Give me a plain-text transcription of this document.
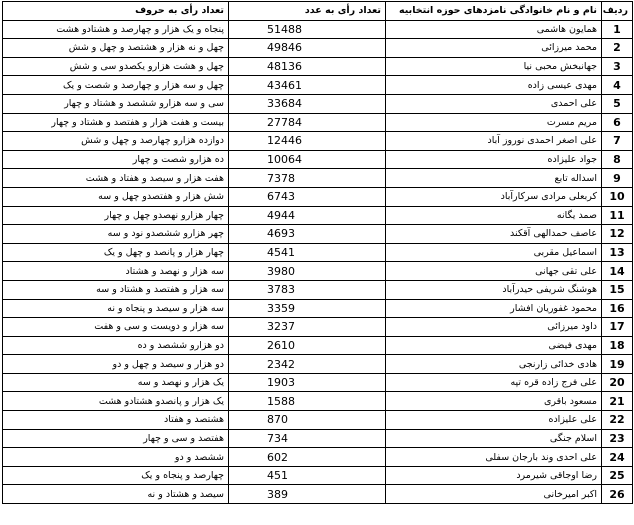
ردیف	نام و نام خانوادگی نامزدهای حوزه انتخابیه	تعداد رأی به عدد	تعداد رأی به حروف
1	همایون هاشمی	51488	پنجاه و یک هزار و چهارصد و هشتادو هشت
2	محمد میرزائی	49846	چهل و نه هزار و هشتصد و چهل و شش
3	جهانبخش محبی نیا	48136	چهل و هشت هزارو یکصدو سی و شش
4	مهدی عیسی زاده	43461	چهل و سه هزار و چهارصد و شصت و یک
5	علی احمدی	33684	سی و سه هزارو ششصد و هشتاد و چهار
6	مریم مسرت	27784	بیست و هفت هزار و هفتصد و هشتاد و چهار
7	علی اصغر احمدی نوروز آباد	12446	دوازده هزارو چهارصد و چهل و شش
8	جواد علیزاده	10064	ده هزارو شصت و چهار
9	اسداله تابع	7378	هفت هزار و سیصد و هفتاد و هشت
10	کربعلی مرادی سرکارآباد	6743	شش هزار و هفتصدو چهل و سه
11	صمد یگانه	4944	چهار هزارو نهصدو چهل و چهار
12	عاصف حمدالهی آقکند	4693	چهر هزارو ششصدو نود و سه
13	اسماعیل مقربی	4541	چهار هزار و پانصد و چهل و یک
14	علی تقی جهانی	3980	سه هزار و نهصد و هشتاد
15	هوشنگ شریفی حیدرآباد	3783	سه هزار و هفتصد و هشتاد و سه
16	محمود غفوریان افشار	3359	سه هزار و سیصد و پنجاه و نه
17	داود میرزائی	3237	سه هزار و دویست و سی و هفت
18	مهدی فیضی	2610	دو هزارو ششصد و ده
19	هادی خدائی زارنجی	2342	دو هزار و سیصد و چهل و دو
20	علی فرج زاده قره تپه	1903	یک هزار و نهصد و سه
21	مسعود باقری	1588	یک هزار و پانصدو هشتادو هشت
22	علی علیزاده	870	هشتصد و هفتاد
23	اسلام جنگی	734	هفتصد و سی و چهار
24	علی احدی وند بارجان سفلی	602	ششصد و دو
25	رضا اوجاقی شیرمرد	451	چهارصد و پنجاه و یک
26	اکبر امیرخانی	389	سیصد و هشتاد و نه
